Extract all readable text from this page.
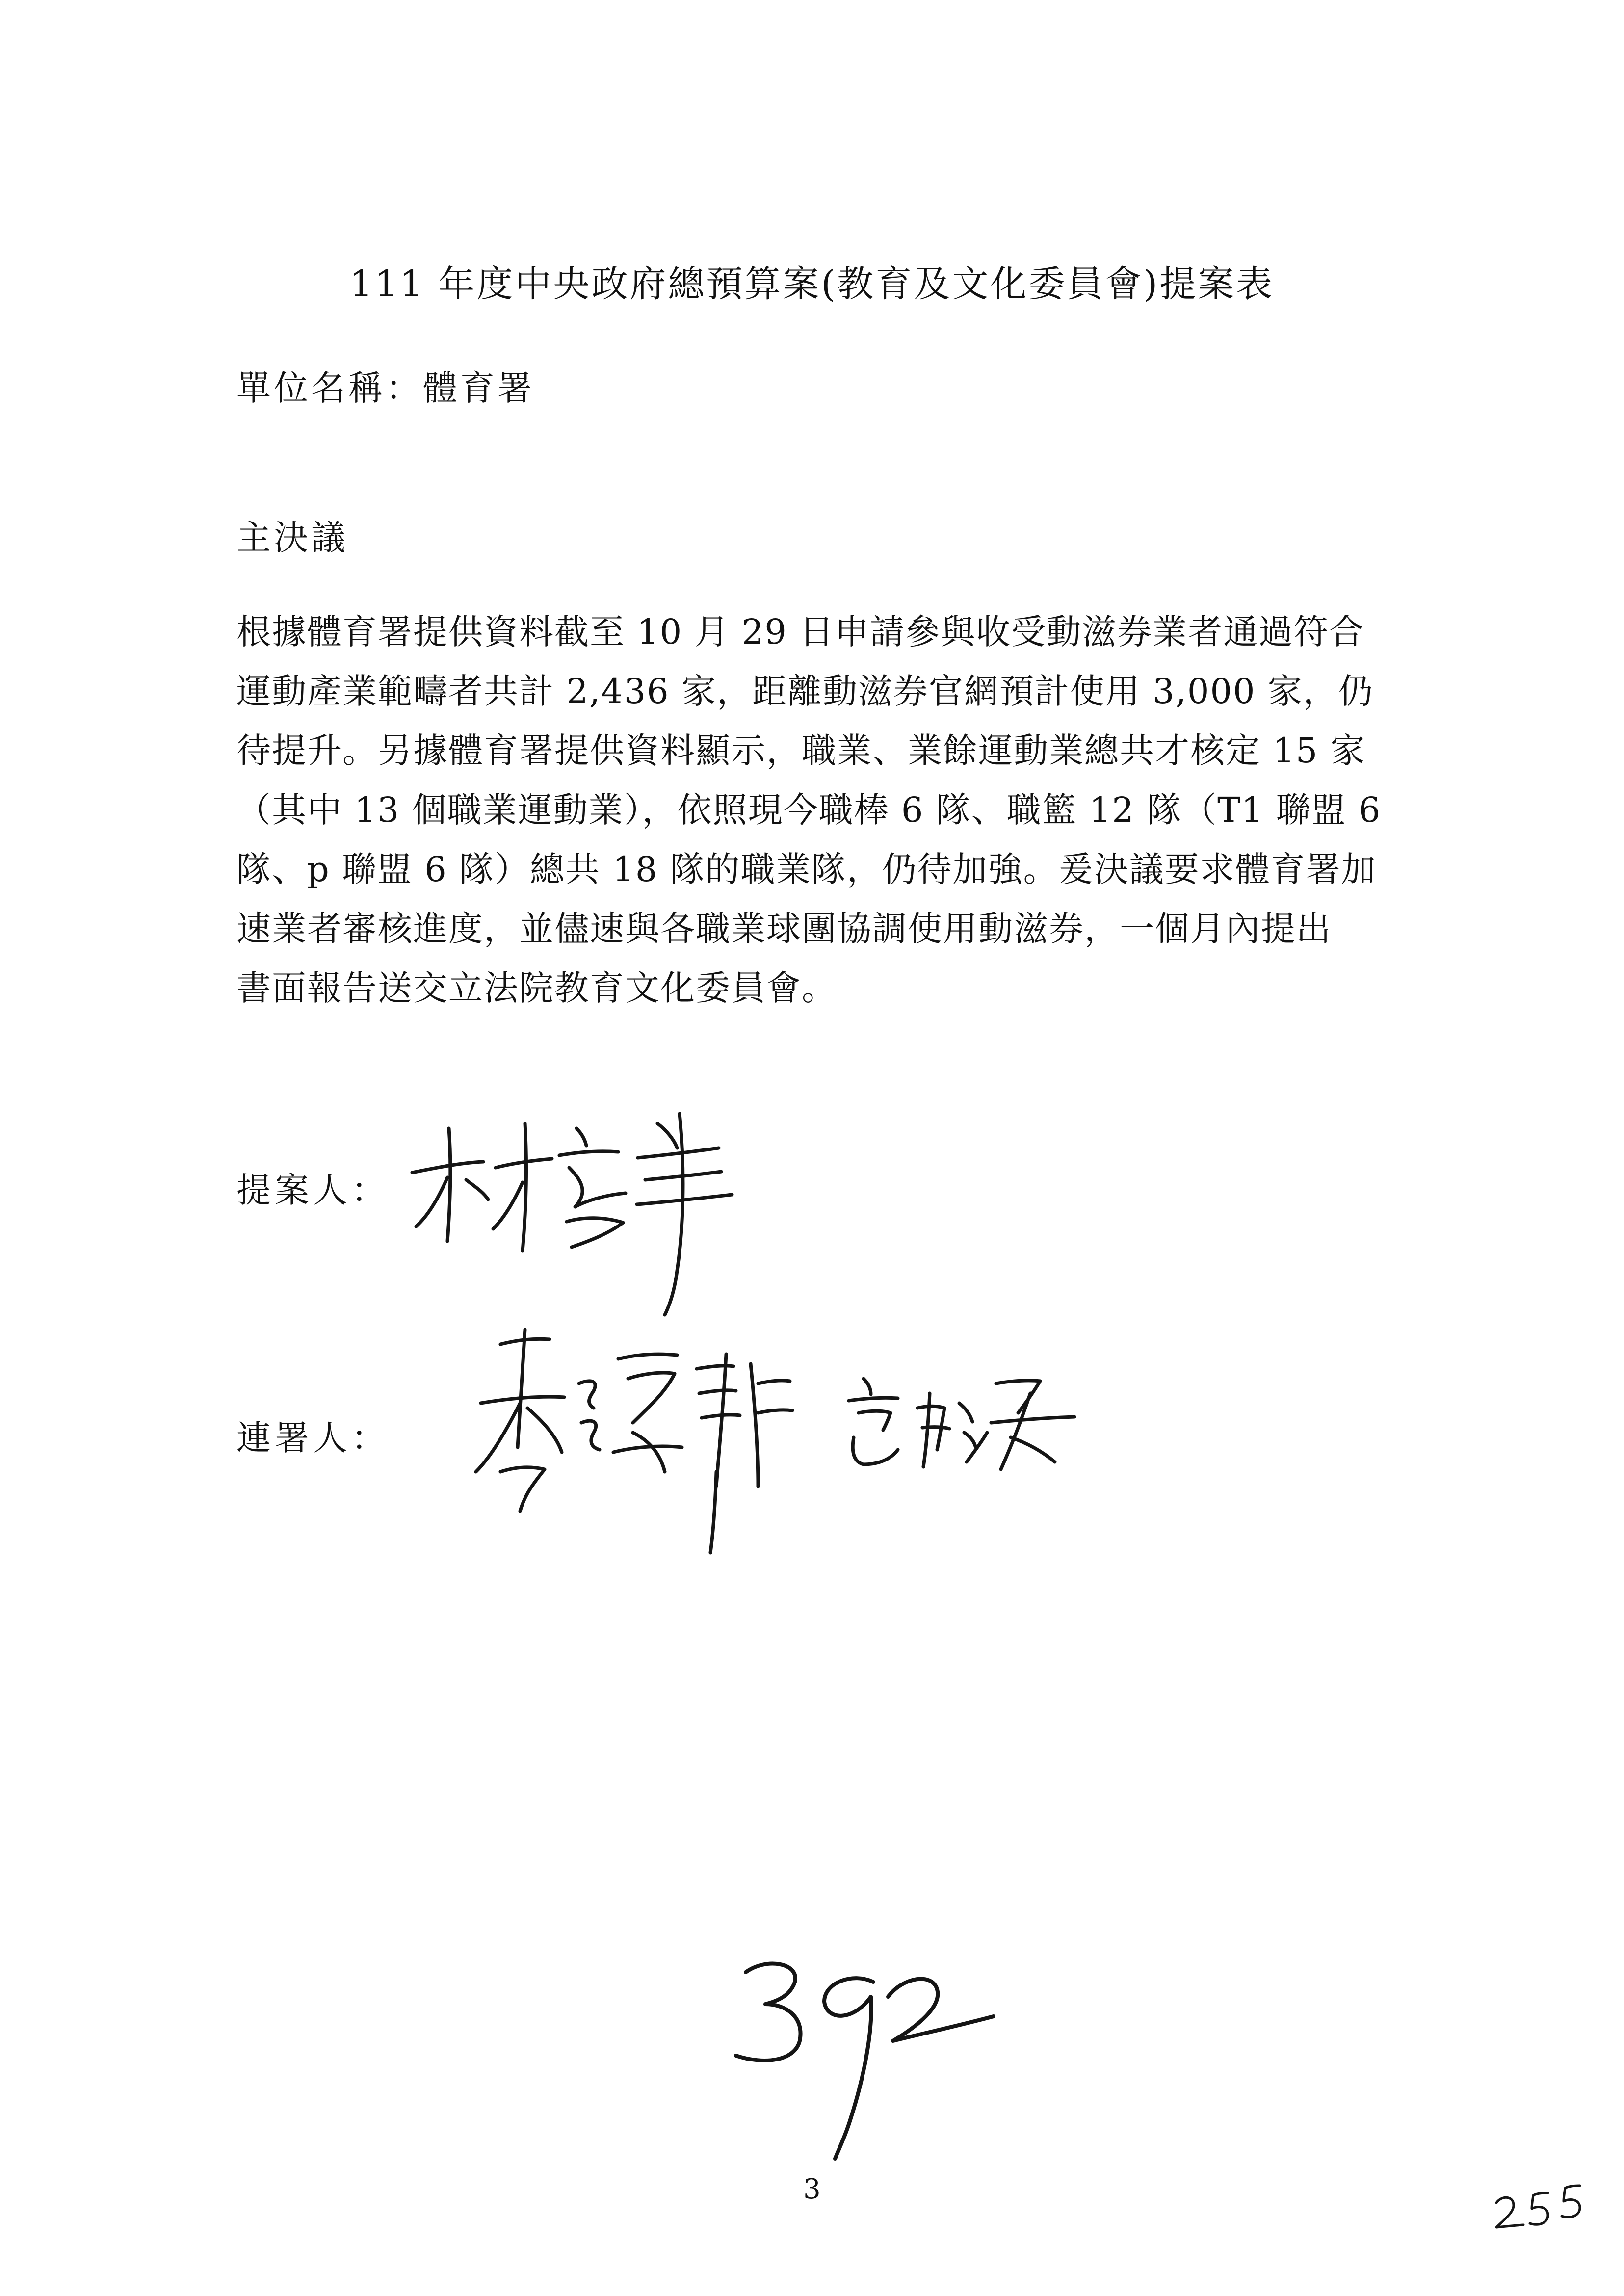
111 年度中央政府總預算案(教育及文化委員會)提案表
單位名稱：體育署
主決議
根據體育署提供資料截至 10 月 29 日申請參與收受動滋券業者通過符合
運動產業範疇者共計 2,436 家，距離動滋券官網預計使用 3,000 家，仍
待提升。另據體育署提供資料顯示，職業、業餘運動業總共才核定 15 家
（其中 13 個職業運動業），依照現今職棒 6 隊、職籃 12 隊（T1 聯盟 6
隊、p 聯盟 6 隊）總共 18 隊的職業隊，仍待加強。爰決議要求體育署加
速業者審核進度，並儘速與各職業球團協調使用動滋券，一個月內提出
書面報告送交立法院教育文化委員會。
提案人：
連署人：
3
